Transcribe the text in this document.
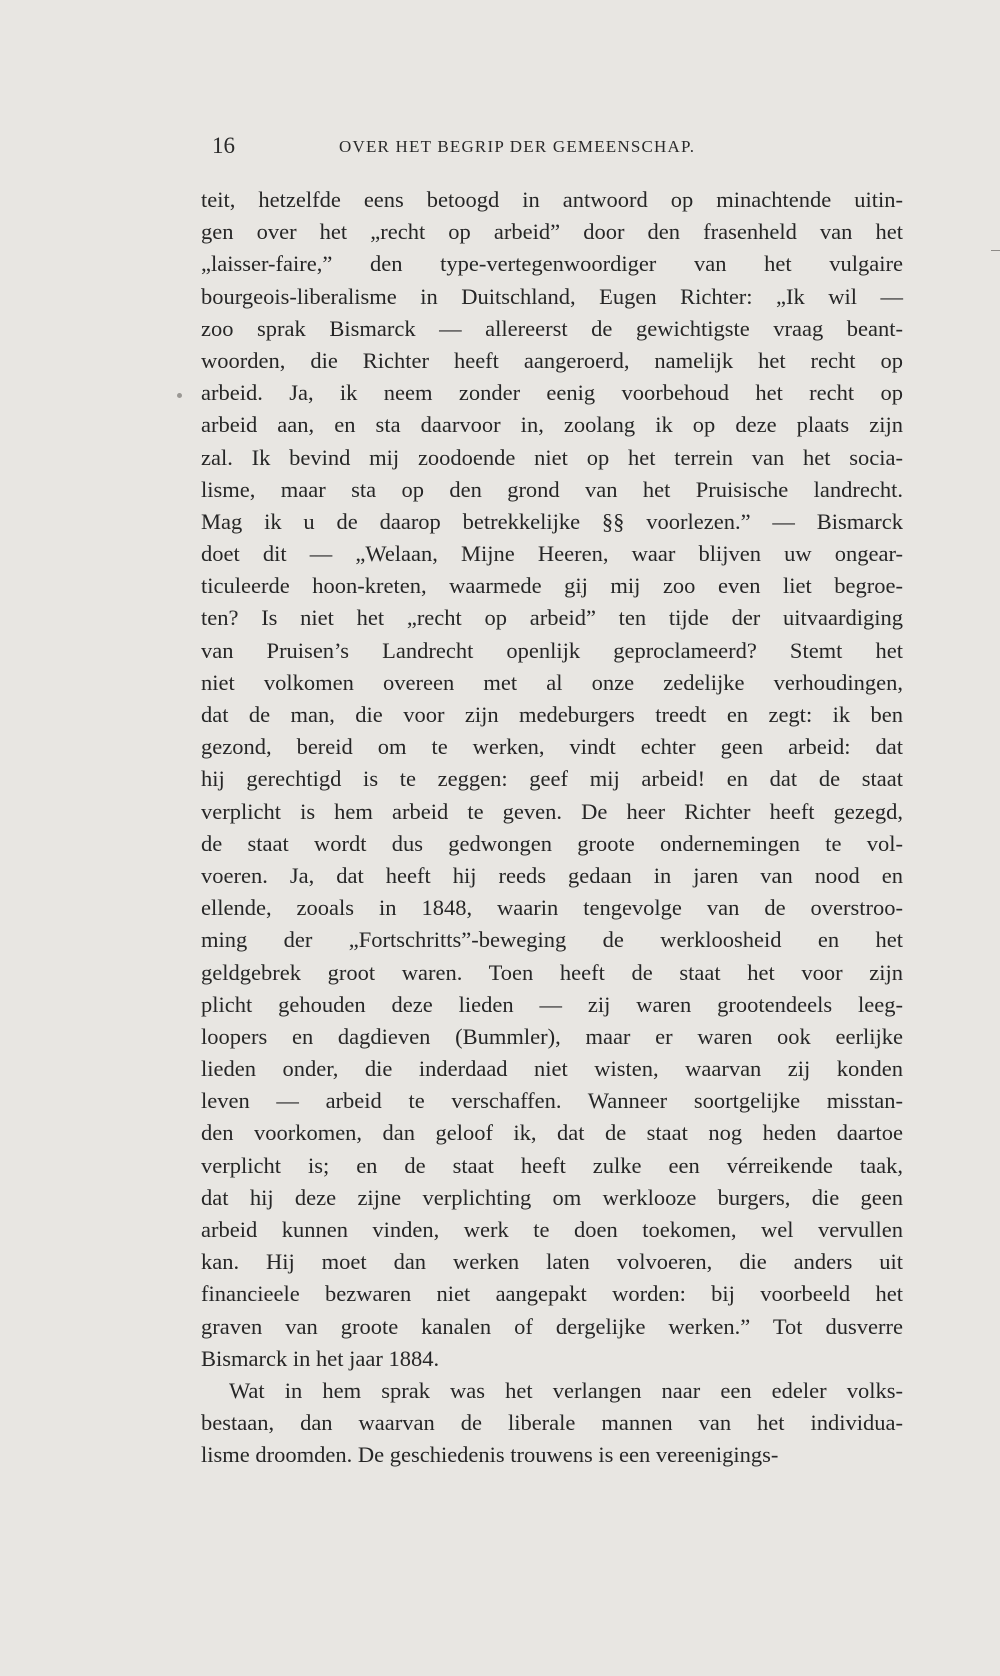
16	OVER HET BEGRIP DER GEMEENSCHAP.
teit, hetzelfde eens betoogd in antwoord op minachtende uitin-
gen over het „recht op arbeid” door den frasenheld van het
„laisser-faire,” den type-vertegenwoordiger van het vulgaire
bourgeois-liberalisme in Duitschland, Eugen Richter: „Ik wil —
zoo sprak Bismarck — allereerst de gewichtigste vraag beant-
woorden, die Richter heeft aangeroerd, namelijk het recht op
arbeid. Ja, ik neem zonder eenig voorbehoud het recht op
arbeid aan, en sta daarvoor in, zoolang ik op deze plaats zijn
zal. Ik bevind mij zoodoende niet op het terrein van het socia-
lisme, maar sta op den grond van het Pruisische landrecht.
Mag ik u de daarop betrekkelijke §§ voorlezen.” — Bismarck
doet dit — „Welaan, Mijne Heeren, waar blijven uw ongear-
ticuleerde hoon-kreten, waarmede gij mij zoo even liet begroe-
ten? Is niet het „recht op arbeid” ten tijde der uitvaardiging
van Pruisen’s Landrecht openlijk geproclameerd? Stemt het
niet volkomen overeen met al onze zedelijke verhoudingen,
dat de man, die voor zijn medeburgers treedt en zegt: ik ben
gezond, bereid om te werken, vindt echter geen arbeid: dat
hij gerechtigd is te zeggen: geef mij arbeid! en dat de staat
verplicht is hem arbeid te geven. De heer Richter heeft gezegd,
de staat wordt dus gedwongen groote ondernemingen te vol-
voeren. Ja, dat heeft hij reeds gedaan in jaren van nood en
ellende, zooals in 1848, waarin tengevolge van de overstroo-
ming der „Fortschritts”-beweging de werkloosheid en het
geldgebrek groot waren. Toen heeft de staat het voor zijn
plicht gehouden deze lieden — zij waren grootendeels leeg-
loopers en dagdieven (Bummler), maar er waren ook eerlijke
lieden onder, die inderdaad niet wisten, waarvan zij konden
leven — arbeid te verschaffen. Wanneer soortgelijke misstan-
den voorkomen, dan geloof ik, dat de staat nog heden daartoe
verplicht is; en de staat heeft zulke een vérreikende taak,
dat hij deze zijne verplichting om werklooze burgers, die geen
arbeid kunnen vinden, werk te doen toekomen, wel vervullen
kan. Hij moet dan werken laten volvoeren, die anders uit
financieele bezwaren niet aangepakt worden: bij voorbeeld het
graven van groote kanalen of dergelijke werken.” Tot dusverre
Bismarck in het jaar 1884.
Wat in hem sprak was het verlangen naar een edeler volks-
bestaan, dan waarvan de liberale mannen van het individua-
lisme droomden. De geschiedenis trouwens is een vereenigings-
